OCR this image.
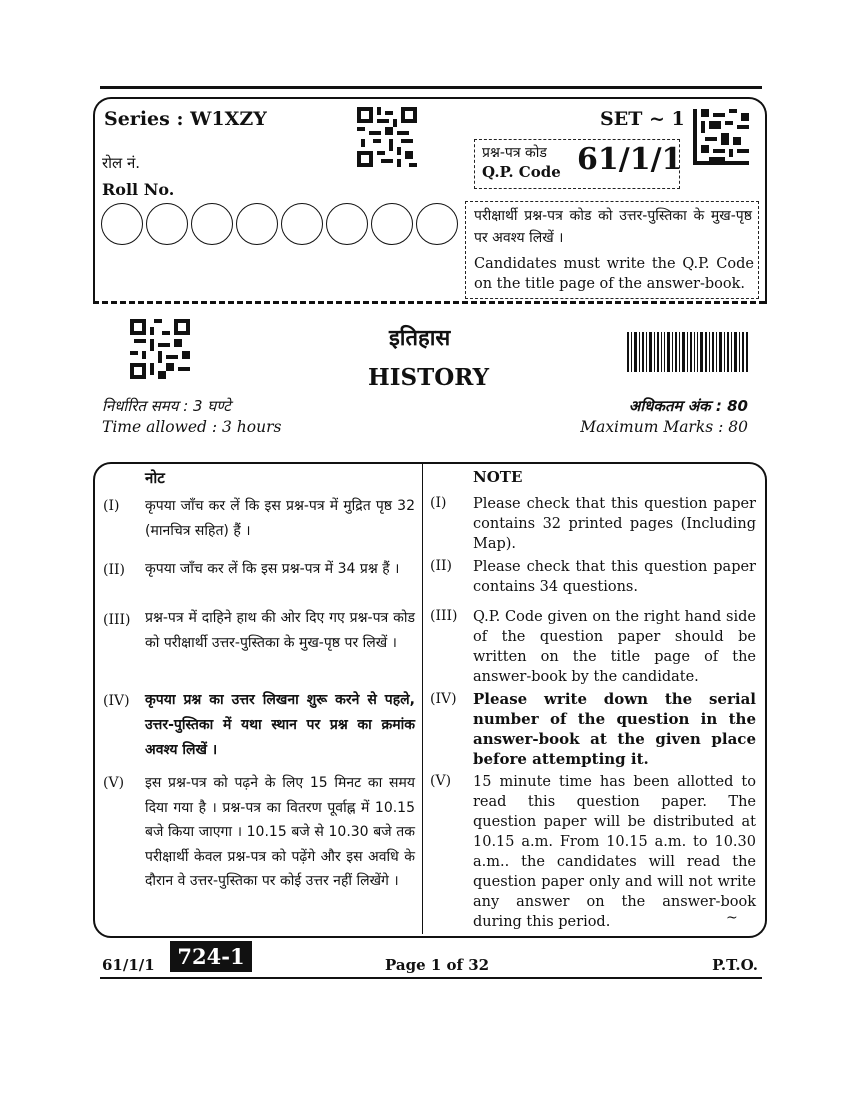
Series : W1XZY	SET ~ 1
रोल नं.
Roll No.
प्रश्न-पत्र कोड
Q.P. Code 61/1/1
परीक्षार्थी प्रश्न-पत्र कोड को उत्तर-पुस्तिका के मुख-पृष्ठ पर अवश्य लिखें ।
Candidates must write the Q.P. Code on the title page of the answer-book.
इतिहास
HISTORY
निर्धारित समय : 3 घण्टे
Time allowed : 3 hours
अधिकतम अंक : 80
Maximum Marks : 80
नोट	NOTE
(I) कृपया जाँच कर लें कि इस प्रश्न-पत्र में मुद्रित पृष्ठ 32 (मानचित्र सहित) हैं ।
(II) कृपया जाँच कर लें कि इस प्रश्न-पत्र में 34 प्रश्न हैं ।
(III) प्रश्न-पत्र में दाहिने हाथ की ओर दिए गए प्रश्न-पत्र कोड को परीक्षार्थी उत्तर-पुस्तिका के मुख-पृष्ठ पर लिखें ।
(IV) कृपया प्रश्न का उत्तर लिखना शुरू करने से पहले, उत्तर-पुस्तिका में यथा स्थान पर प्रश्न का क्रमांक अवश्य लिखें ।
(V) इस प्रश्न-पत्र को पढ़ने के लिए 15 मिनट का समय दिया गया है । प्रश्न-पत्र का वितरण पूर्वाह्न में 10.15 बजे किया जाएगा । 10.15 बजे से 10.30 बजे तक परीक्षार्थी केवल प्रश्न-पत्र को पढ़ेंगे और इस अवधि के दौरान वे उत्तर-पुस्तिका पर कोई उत्तर नहीं लिखेंगे ।
(I) Please check that this question paper contains 32 printed pages (Including Map).
(II) Please check that this question paper contains 34 questions.
(III) Q.P. Code given on the right hand side of the question paper should be written on the title page of the answer-book by the candidate.
(IV) Please write down the serial number of the question in the answer-book at the given place before attempting it.
(V) 15 minute time has been allotted to read this question paper. The question paper will be distributed at 10.15 a.m. From 10.15 a.m. to 10.30 a.m.. the candidates will read the question paper only and will not write any answer on the answer-book during this period.	~
61/1/1	724-1	Page 1 of 32	P.T.O.
